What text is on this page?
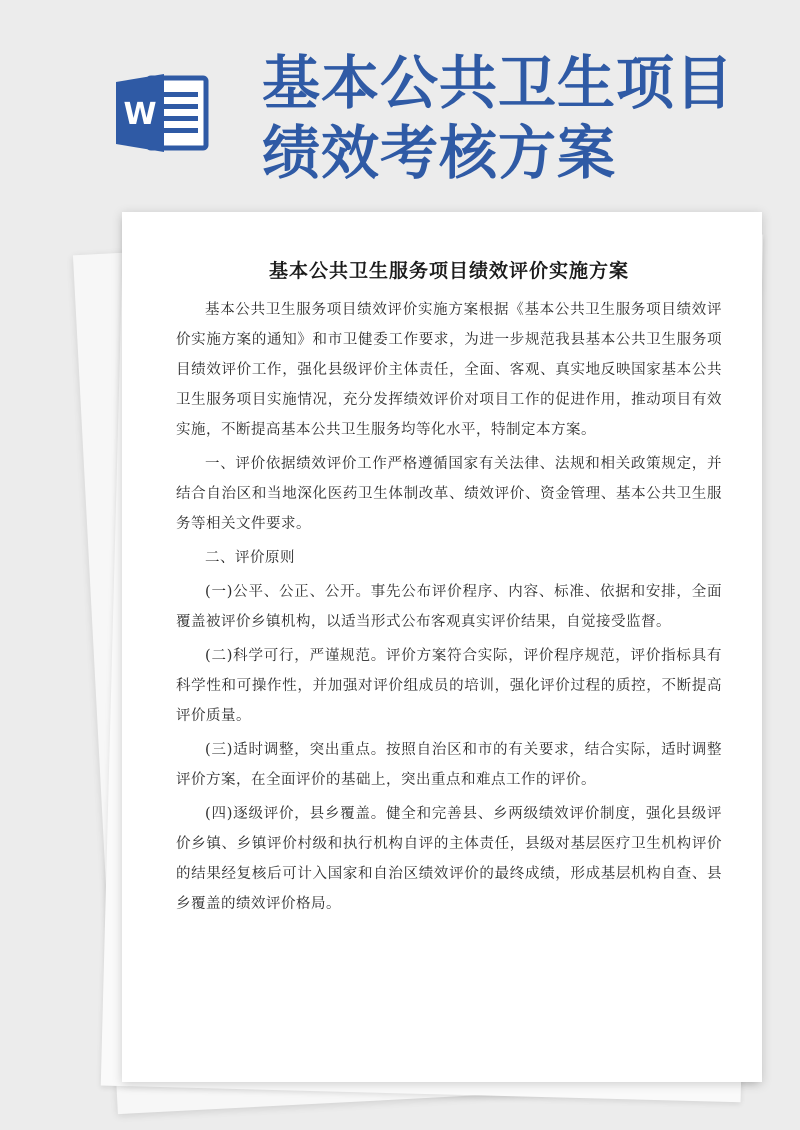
W 基本公共卫生项目
绩效考核方案
基本公共卫生服务项目绩效评价实施方案

基本公共卫生服务项目绩效评价实施方案根据《基本公共卫生服务项目绩效评价实施方案的通知》和市卫健委工作要求，为进一步规范我县基本公共卫生服务项目绩效评价工作，强化县级评价主体责任，全面、客观、真实地反映国家基本公共卫生服务项目实施情况，充分发挥绩效评价对项目工作的促进作用，推动项目有效实施，不断提高基本公共卫生服务均等化水平，特制定本方案。

一、评价依据绩效评价工作严格遵循国家有关法律、法规和相关政策规定，并结合自治区和当地深化医药卫生体制改革、绩效评价、资金管理、基本公共卫生服务等相关文件要求。

二、评价原则

(一)公平、公正、公开。事先公布评价程序、内容、标准、依据和安排，全面覆盖被评价乡镇机构，以适当形式公布客观真实评价结果，自觉接受监督。

(二)科学可行，严谨规范。评价方案符合实际，评价程序规范，评价指标具有科学性和可操作性，并加强对评价组成员的培训，强化评价过程的质控，不断提高评价质量。

(三)适时调整，突出重点。按照自治区和市的有关要求，结合实际，适时调整评价方案，在全面评价的基础上，突出重点和难点工作的评价。

(四)逐级评价，县乡覆盖。健全和完善县、乡两级绩效评价制度，强化县级评价乡镇、乡镇评价村级和执行机构自评的主体责任，县级对基层医疗卫生机构评价的结果经复核后可计入国家和自治区绩效评价的最终成绩，形成基层机构自查、县乡覆盖的绩效评价格局。
